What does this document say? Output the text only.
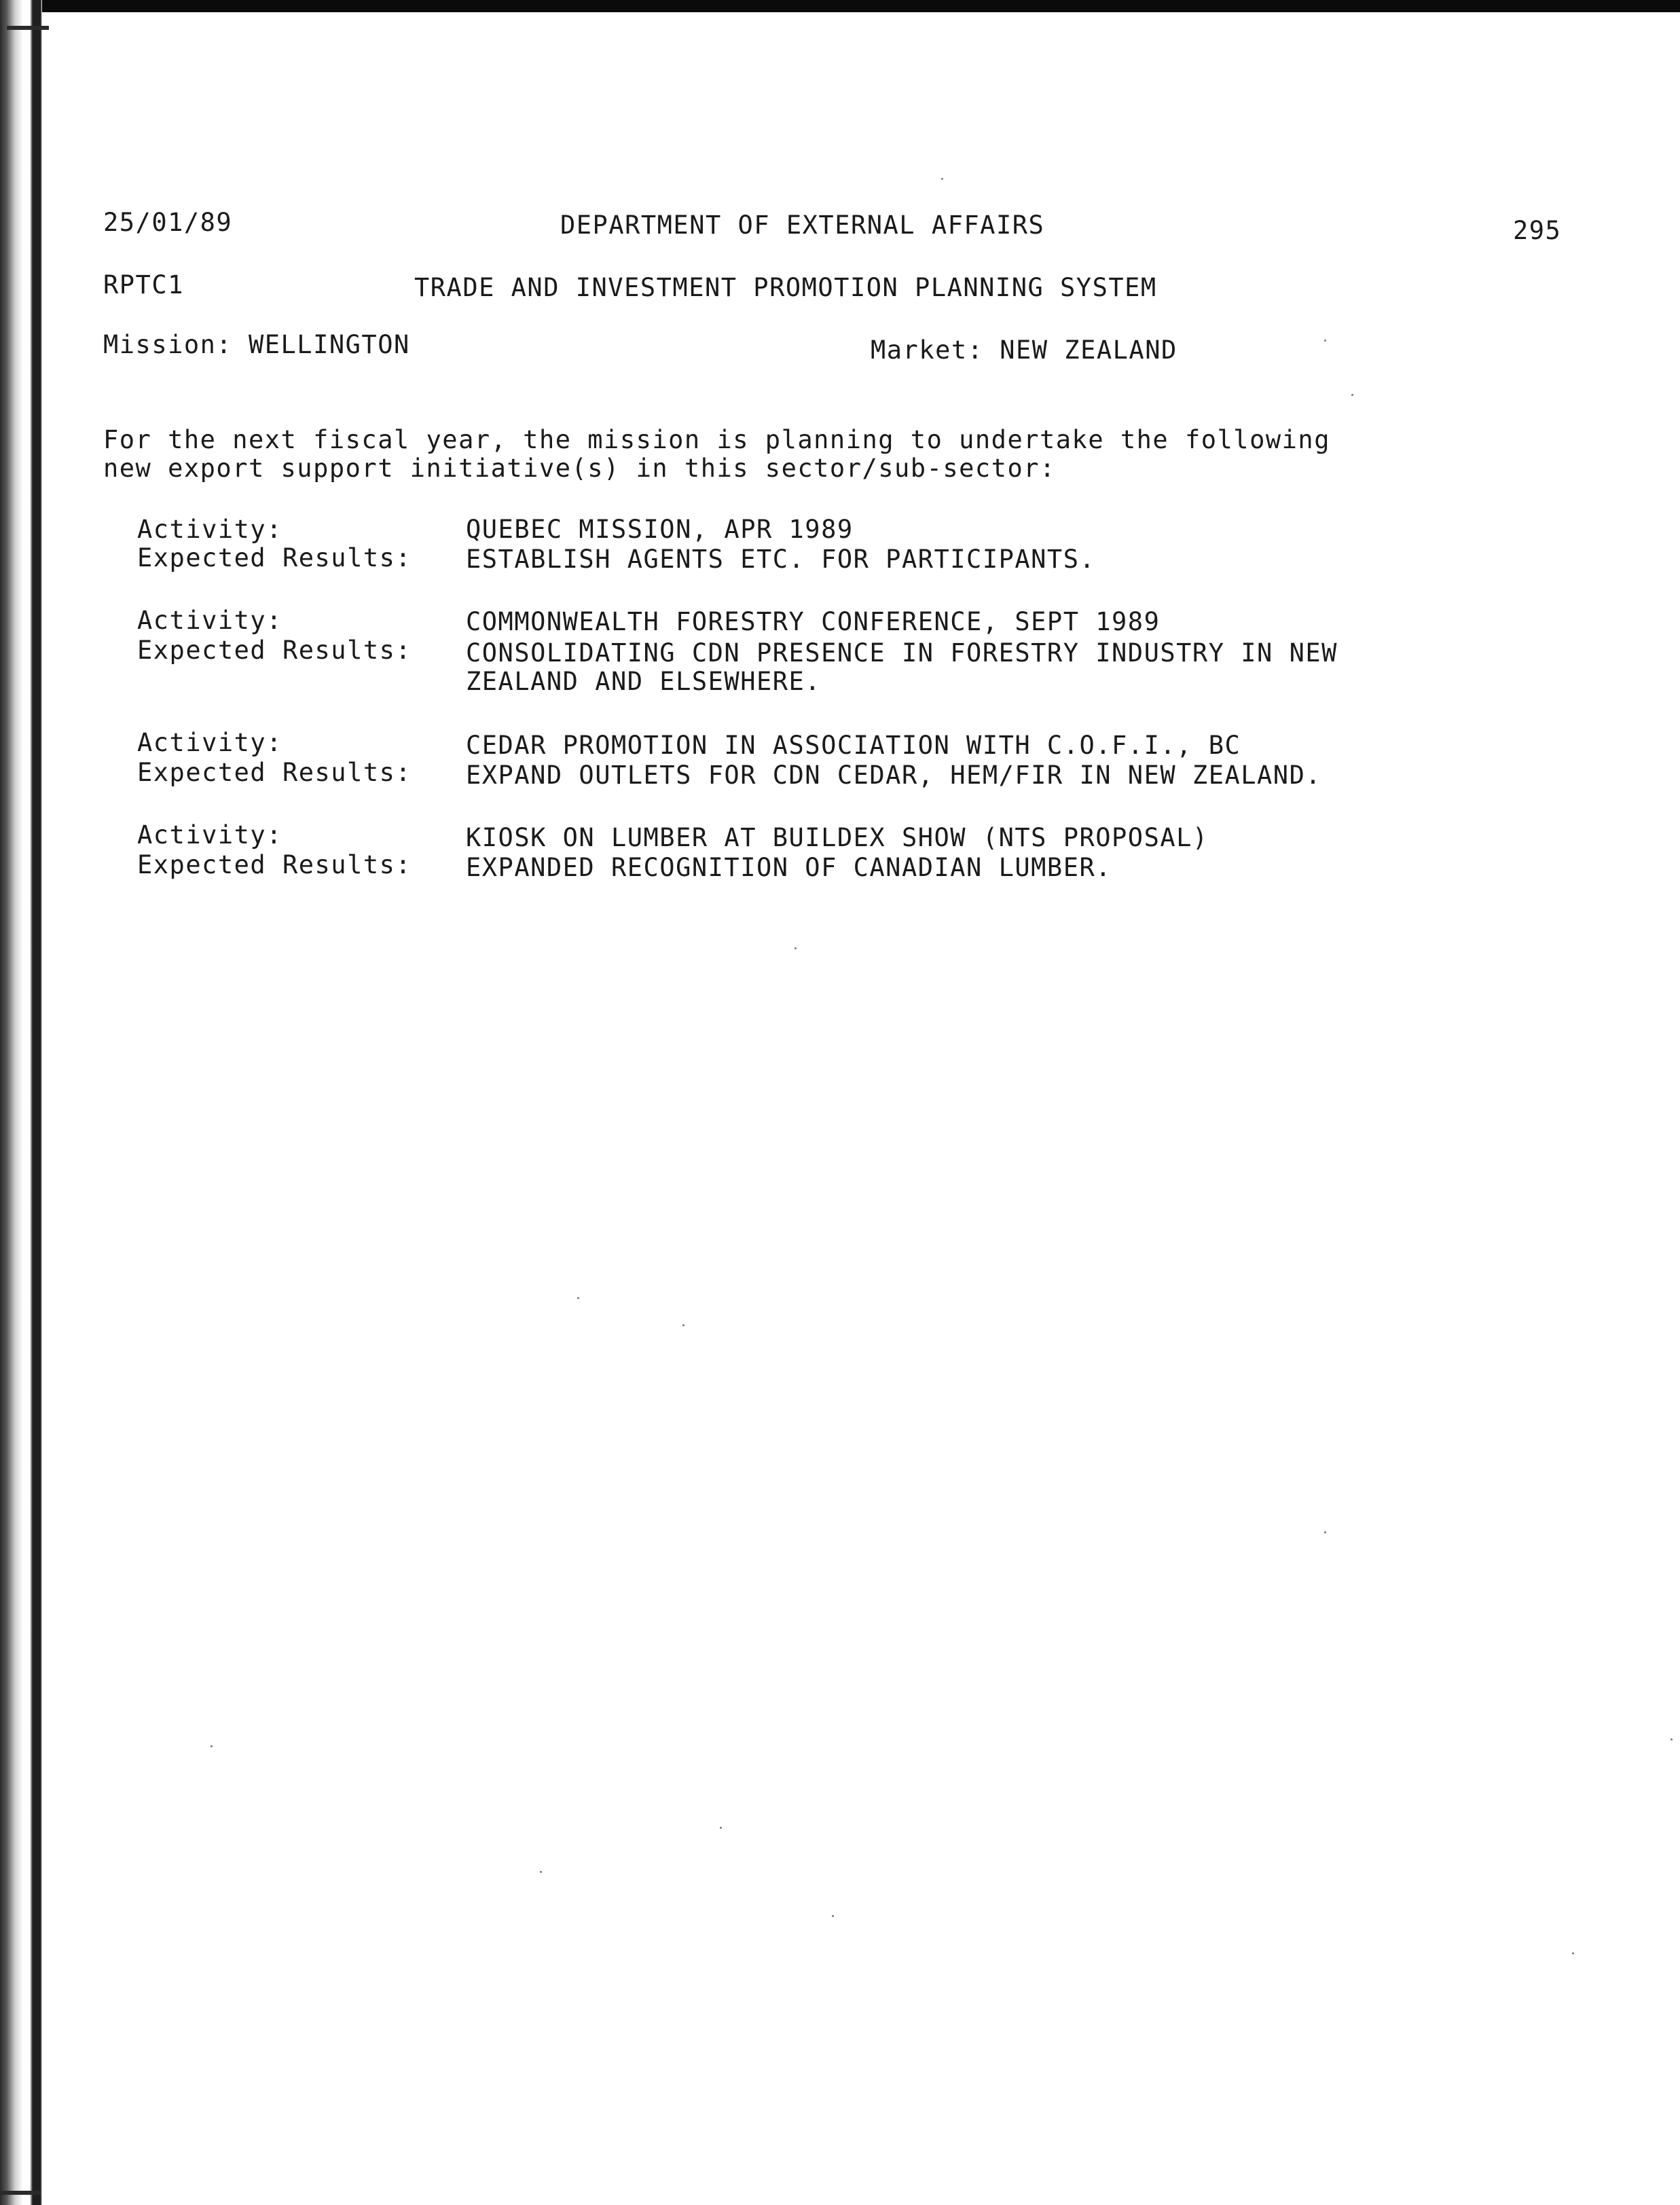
25/01/89	DEPARTMENT OF EXTERNAL AFFAIRS	295
RPTC1	TRADE AND INVESTMENT PROMOTION PLANNING SYSTEM
Mission: WELLINGTON	Market: NEW ZEALAND
For the next fiscal year, the mission is planning to undertake the following
new export support initiative(s) in this sector/sub-sector:
Activity:	QUEBEC MISSION, APR 1989
Expected Results: ESTABLISH AGENTS ETC. FOR PARTICIPANTS.
Activity:	COMMONWEALTH FORESTRY CONFERENCE, SEPT 1989
Expected Results: CONSOLIDATING CDN PRESENCE IN FORESTRY INDUSTRY IN NEW
ZEALAND AND ELSEWHERE.
Activity:	CEDAR PROMOTION IN ASSOCIATION WITH C.O.F.I., BC
Expected Results: EXPAND OUTLETS FOR CDN CEDAR, HEM/FIR IN NEW ZEALAND.
Activity:	KIOSK ON LUMBER AT BUILDEX SHOW (NTS PROPOSAL)
Expected Results: EXPANDED RECOGNITION OF CANADIAN LUMBER.
